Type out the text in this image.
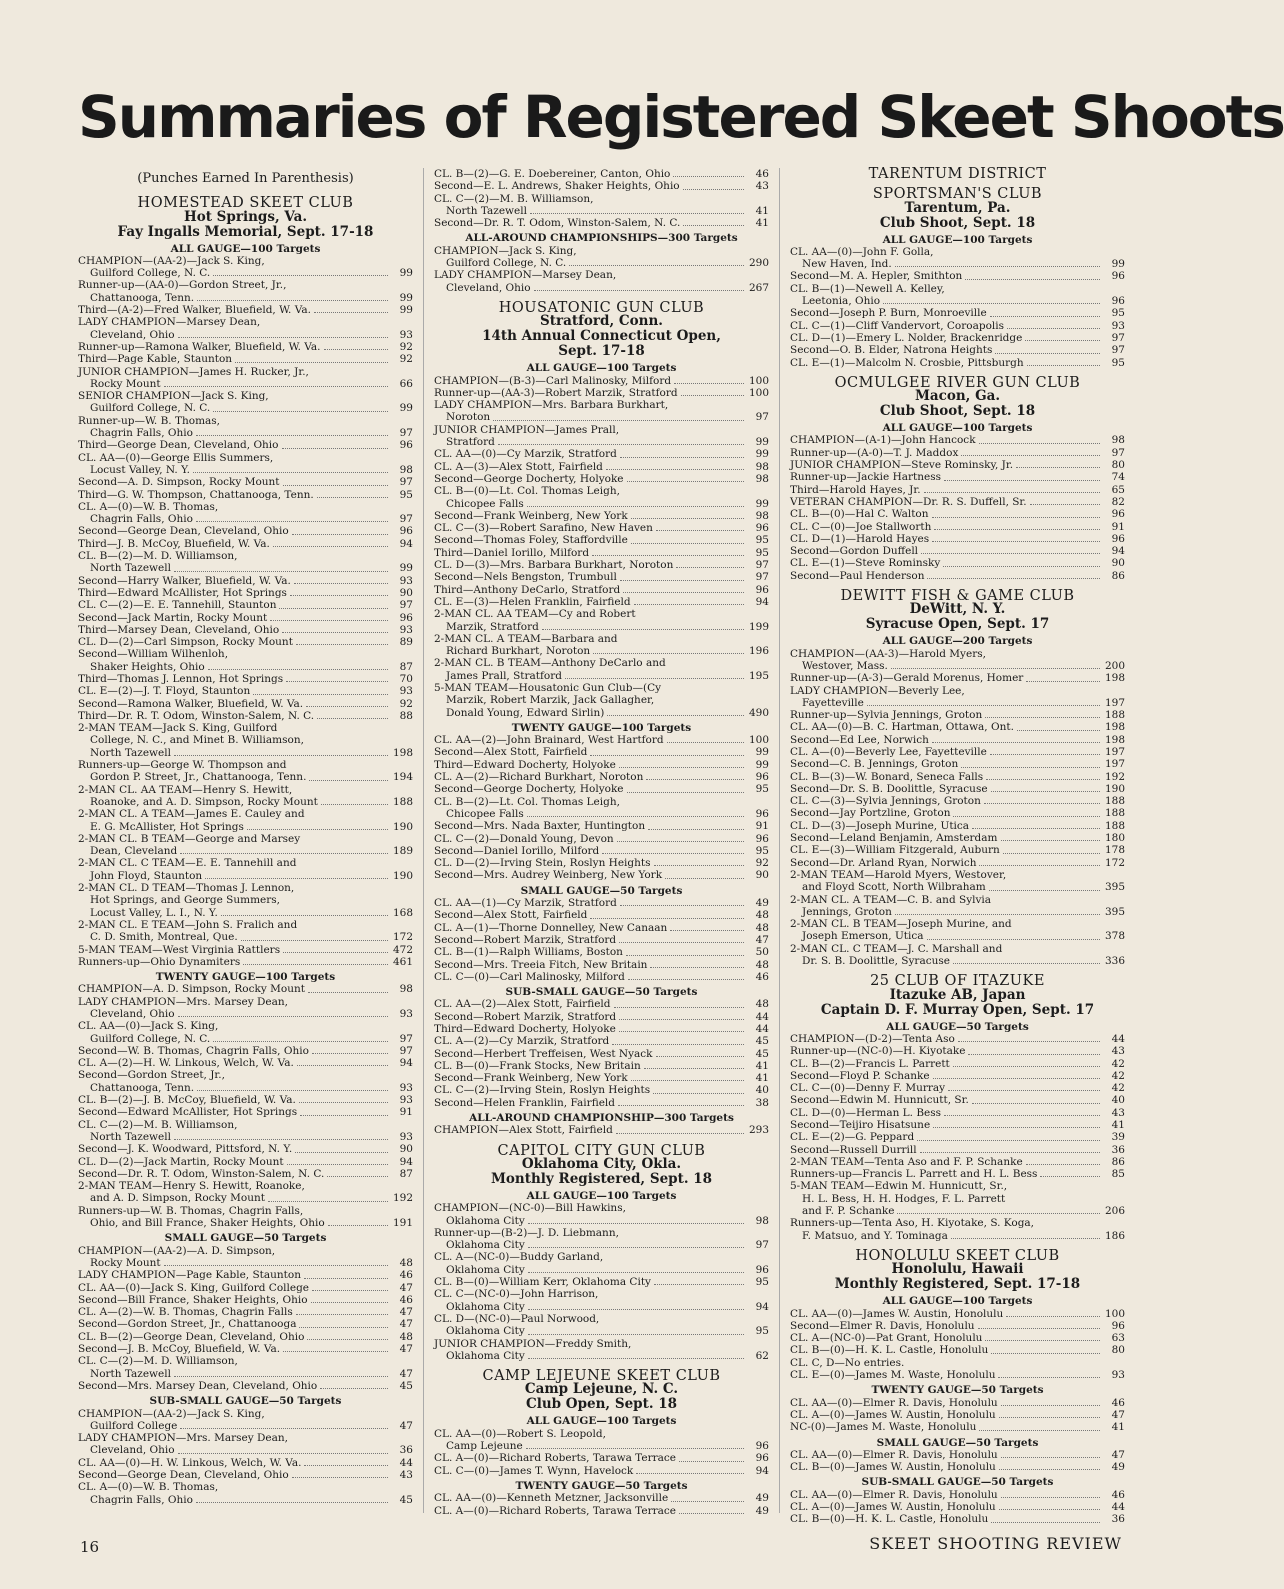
Summaries of Registered Skeet Shoots
(Punches Earned In Parenthesis)
HOMESTEAD SKEET CLUB
Hot Springs, Va.
Fay Ingalls Memorial, Sept. 17-18
ALL GAUGE—100 Targets
CHAMPION—(AA-2)—Jack S. King,
Guilford College, N. C.	99
Runner-up—(AA-0)—Gordon Street, Jr.,
Chattanooga, Tenn.	99
Third—(A-2)—Fred Walker, Bluefield, W. Va.	99
LADY CHAMPION—Marsey Dean,
Cleveland, Ohio	93
Runner-up—Ramona Walker, Bluefield, W. Va.	92
Third—Page Kable, Staunton	92
JUNIOR CHAMPION—James H. Rucker, Jr.,
Rocky Mount	66
SENIOR CHAMPION—Jack S. King,
Guilford College, N. C.	99
Runner-up—W. B. Thomas,
Chagrin Falls, Ohio	97
Third—George Dean, Cleveland, Ohio	96
CL. AA—(0)—George Ellis Summers,
Locust Valley, N. Y.	98
Second—A. D. Simpson, Rocky Mount	97
Third—G. W. Thompson, Chattanooga, Tenn.	95
CL. A—(0)—W. B. Thomas,
Chagrin Falls, Ohio	97
Second—George Dean, Cleveland, Ohio	96
Third—J. B. McCoy, Bluefield, W. Va.	94
CL. B—(2)—M. D. Williamson,
North Tazewell	99
Second—Harry Walker, Bluefield, W. Va.	93
Third—Edward McAllister, Hot Springs	90
CL. C—(2)—E. E. Tannehill, Staunton	97
Second—Jack Martin, Rocky Mount	96
Third—Marsey Dean, Cleveland, Ohio	93
CL. D—(2)—Carl Simpson, Rocky Mount	89
Second—William Wilhenloh,
Shaker Heights, Ohio	87
Third—Thomas J. Lennon, Hot Springs	70
CL. E—(2)—J. T. Floyd, Staunton	93
Second—Ramona Walker, Bluefield, W. Va.	92
Third—Dr. R. T. Odom, Winston-Salem, N. C.	88
2-MAN TEAM—Jack S. King, Guilford
College, N. C., and Minet B. Williamson,
North Tazewell	198
Runners-up—George W. Thompson and
Gordon P. Street, Jr., Chattanooga, Tenn.	194
2-MAN CL. AA TEAM—Henry S. Hewitt,
Roanoke, and A. D. Simpson, Rocky Mount	188
2-MAN CL. A TEAM—James E. Cauley and
E. G. McAllister, Hot Springs	190
2-MAN CL. B TEAM—George and Marsey
Dean, Cleveland	189
2-MAN CL. C TEAM—E. E. Tannehill and
John Floyd, Staunton	190
2-MAN CL. D TEAM—Thomas J. Lennon,
Hot Springs, and George Summers,
Locust Valley, L. I., N. Y.	168
2-MAN CL. E TEAM—John S. Fralich and
C. D. Smith, Montreal, Que.	172
5-MAN TEAM—West Virginia Rattlers	472
Runners-up—Ohio Dynamiters	461
TWENTY GAUGE—100 Targets
CHAMPION—A. D. Simpson, Rocky Mount	98
LADY CHAMPION—Mrs. Marsey Dean,
Cleveland, Ohio	93
CL. AA—(0)—Jack S. King,
Guilford College, N. C.	97
Second—W. B. Thomas, Chagrin Falls, Ohio	97
CL. A—(2)—H. W. Linkous, Welch, W. Va.	94
Second—Gordon Street, Jr.,
Chattanooga, Tenn.	93
CL. B—(2)—J. B. McCoy, Bluefield, W. Va.	93
Second—Edward McAllister, Hot Springs	91
CL. C—(2)—M. B. Williamson,
North Tazewell	93
Second—J. K. Woodward, Pittsford, N. Y.	90
CL. D—(2)—Jack Martin, Rocky Mount	94
Second—Dr. R. T. Odom, Winston-Salem, N. C.	87
2-MAN TEAM—Henry S. Hewitt, Roanoke,
and A. D. Simpson, Rocky Mount	192
Runners-up—W. B. Thomas, Chagrin Falls,
Ohio, and Bill France, Shaker Heights, Ohio	191
SMALL GAUGE—50 Targets
CHAMPION—(AA-2)—A. D. Simpson,
Rocky Mount	48
LADY CHAMPION—Page Kable, Staunton	46
CL. AA—(0)—Jack S. King, Guilford College	47
Second—Bill France, Shaker Heights, Ohio	46
CL. A—(2)—W. B. Thomas, Chagrin Falls	47
Second—Gordon Street, Jr., Chattanooga	47
CL. B—(2)—George Dean, Cleveland, Ohio	48
Second—J. B. McCoy, Bluefield, W. Va.	47
CL. C—(2)—M. D. Williamson,
North Tazewell	47
Second—Mrs. Marsey Dean, Cleveland, Ohio	45
SUB-SMALL GAUGE—50 Targets
CHAMPION—(AA-2)—Jack S. King,
Guilford College	47
LADY CHAMPION—Mrs. Marsey Dean,
Cleveland, Ohio	36
CL. AA—(0)—H. W. Linkous, Welch, W. Va.	44
Second—George Dean, Cleveland, Ohio	43
CL. A—(0)—W. B. Thomas,
Chagrin Falls, Ohio	45
CL. B—(2)—G. E. Doebereiner, Canton, Ohio	46
Second—E. L. Andrews, Shaker Heights, Ohio	43
CL. C—(2)—M. B. Williamson,
North Tazewell	41
Second—Dr. R. T. Odom, Winston-Salem, N. C.	41
ALL-AROUND CHAMPIONSHIPS—300 Targets
CHAMPION—Jack S. King,
Guilford College, N. C.	290
LADY CHAMPION—Marsey Dean,
Cleveland, Ohio	267
HOUSATONIC GUN CLUB
Stratford, Conn.
14th Annual Connecticut Open,
Sept. 17-18
ALL GAUGE—100 Targets
CHAMPION—(B-3)—Carl Malinosky, Milford	100
Runner-up—(AA-3)—Robert Marzik, Stratford	100
LADY CHAMPION—Mrs. Barbara Burkhart,
Noroton	97
JUNIOR CHAMPION—James Prall,
Stratford	99
CL. AA—(0)—Cy Marzik, Stratford	99
CL. A—(3)—Alex Stott, Fairfield	98
Second—George Docherty, Holyoke	98
CL. B—(0)—Lt. Col. Thomas Leigh,
Chicopee Falls	99
Second—Frank Weinberg, New York	98
CL. C—(3)—Robert Sarafino, New Haven	96
Second—Thomas Foley, Staffordville	95
Third—Daniel Iorillo, Milford	95
CL. D—(3)—Mrs. Barbara Burkhart, Noroton	97
Second—Nels Bengston, Trumbull	97
Third—Anthony DeCarlo, Stratford	96
CL. E—(3)—Helen Franklin, Fairfield	94
2-MAN CL. AA TEAM—Cy and Robert
Marzik, Stratford	199
2-MAN CL. A TEAM—Barbara and
Richard Burkhart, Noroton	196
2-MAN CL. B TEAM—Anthony DeCarlo and
James Prall, Stratford	195
5-MAN TEAM—Housatonic Gun Club—(Cy
Marzik, Robert Marzik, Jack Gallagher,
Donald Young, Edward Sirlin)	490
TWENTY GAUGE—100 Targets
CL. AA—(2)—John Brainard, West Hartford	100
Second—Alex Stott, Fairfield	99
Third—Edward Docherty, Holyoke	99
CL. A—(2)—Richard Burkhart, Noroton	96
Second—George Docherty, Holyoke	95
CL. B—(2)—Lt. Col. Thomas Leigh,
Chicopee Falls	96
Second—Mrs. Nada Baxter, Huntington	91
CL. C—(2)—Donald Young, Devon	96
Second—Daniel Iorillo, Milford	95
CL. D—(2)—Irving Stein, Roslyn Heights	92
Second—Mrs. Audrey Weinberg, New York	90
SMALL GAUGE—50 Targets
CL. AA—(1)—Cy Marzik, Stratford	49
Second—Alex Stott, Fairfield	48
CL. A—(1)—Thorne Donnelley, New Canaan	48
Second—Robert Marzik, Stratford	47
CL. B—(1)—Ralph Williams, Boston	50
Second—Mrs. Treeia Fitch, New Britain	48
CL. C—(0)—Carl Malinosky, Milford	46
SUB-SMALL GAUGE—50 Targets
CL. AA—(2)—Alex Stott, Fairfield	48
Second—Robert Marzik, Stratford	44
Third—Edward Docherty, Holyoke	44
CL. A—(2)—Cy Marzik, Stratford	45
Second—Herbert Treffeisen, West Nyack	45
CL. B—(0)—Frank Stocks, New Britain	41
Second—Frank Weinberg, New York	41
CL. C—(2)—Irving Stein, Roslyn Heights	40
Second—Helen Franklin, Fairfield	38
ALL-AROUND CHAMPIONSHIP—300 Targets
CHAMPION—Alex Stott, Fairfield	293
CAPITOL CITY GUN CLUB
Oklahoma City, Okla.
Monthly Registered, Sept. 18
ALL GAUGE—100 Targets
CHAMPION—(NC-0)—Bill Hawkins,
Oklahoma City	98
Runner-up—(B-2)—J. D. Liebmann,
Oklahoma City	97
CL. A—(NC-0)—Buddy Garland,
Oklahoma City	96
CL. B—(0)—William Kerr, Oklahoma City	95
CL. C—(NC-0)—John Harrison,
Oklahoma City	94
CL. D—(NC-0)—Paul Norwood,
Oklahoma City	95
JUNIOR CHAMPION—Freddy Smith,
Oklahoma City	62
CAMP LEJEUNE SKEET CLUB
Camp Lejeune, N. C.
Club Open, Sept. 18
ALL GAUGE—100 Targets
CL. AA—(0)—Robert S. Leopold,
Camp Lejeune	96
CL. A—(0)—Richard Roberts, Tarawa Terrace	96
CL. C—(0)—James T. Wynn, Havelock	94
TWENTY GAUGE—50 Targets
CL. AA—(0)—Kenneth Metzner, Jacksonville	49
CL. A—(0)—Richard Roberts, Tarawa Terrace	49
TARENTUM DISTRICT
SPORTSMAN'S CLUB
Tarentum, Pa.
Club Shoot, Sept. 18
ALL GAUGE—100 Targets
CL. AA—(0)—John F. Golla,
New Haven, Ind.	99
Second—M. A. Hepler, Smithton	96
CL. B—(1)—Newell A. Kelley,
Leetonia, Ohio	96
Second—Joseph P. Burn, Monroeville	95
CL. C—(1)—Cliff Vandervort, Coroapolis	93
CL. D—(1)—Emery L. Nolder, Brackenridge	97
Second—O. B. Elder, Natrona Heights	97
CL. E—(1)—Malcolm N. Crosbie, Pittsburgh	95
OCMULGEE RIVER GUN CLUB
Macon, Ga.
Club Shoot, Sept. 18
ALL GAUGE—100 Targets
CHAMPION—(A-1)—John Hancock	98
Runner-up—(A-0)—T. J. Maddox	97
JUNIOR CHAMPION—Steve Rominsky, Jr.	80
Runner-up—Jackie Hartness	74
Third—Harold Hayes, Jr.	65
VETERAN CHAMPION—Dr. R. S. Duffell, Sr.	82
CL. B—(0)—Hal C. Walton	96
CL. C—(0)—Joe Stallworth	91
CL. D—(1)—Harold Hayes	96
Second—Gordon Duffell	94
CL. E—(1)—Steve Rominsky	90
Second—Paul Henderson	86
DEWITT FISH & GAME CLUB
DeWitt, N. Y.
Syracuse Open, Sept. 17
ALL GAUGE—200 Targets
CHAMPION—(AA-3)—Harold Myers,
Westover, Mass.	200
Runner-up—(A-3)—Gerald Morenus, Homer	198
LADY CHAMPION—Beverly Lee,
Fayetteville	197
Runner-up—Sylvia Jennings, Groton	188
CL. AA—(0)—B. C. Hartman, Ottawa, Ont.	198
Second—Ed Lee, Norwich	198
CL. A—(0)—Beverly Lee, Fayetteville	197
Second—C. B. Jennings, Groton	197
CL. B—(3)—W. Bonard, Seneca Falls	192
Second—Dr. S. B. Doolittle, Syracuse	190
CL. C—(3)—Sylvia Jennings, Groton	188
Second—Jay Portzline, Groton	188
CL. D—(3)—Joseph Murine, Utica	188
Second—Leland Benjamin, Amsterdam	180
CL. E—(3)—William Fitzgerald, Auburn	178
Second—Dr. Arland Ryan, Norwich	172
2-MAN TEAM—Harold Myers, Westover,
and Floyd Scott, North Wilbraham	395
2-MAN CL. A TEAM—C. B. and Sylvia
Jennings, Groton	395
2-MAN CL. B TEAM—Joseph Murine, and
Joseph Emerson, Utica	378
2-MAN CL. C TEAM—J. C. Marshall and
Dr. S. B. Doolittle, Syracuse	336
25 CLUB OF ITAZUKE
Itazuke AB, Japan
Captain D. F. Murray Open, Sept. 17
ALL GAUGE—50 Targets
CHAMPION—(D-2)—Tenta Aso	44
Runner-up—(NC-0)—H. Kiyotake	43
CL. B—(2)—Francis L. Parrett	42
Second—Floyd P. Schanke	42
CL. C—(0)—Denny F. Murray	42
Second—Edwin M. Hunnicutt, Sr.	40
CL. D—(0)—Herman L. Bess	43
Second—Teijiro Hisatsune	41
CL. E—(2)—G. Peppard	39
Second—Russell Durrill	36
2-MAN TEAM—Tenta Aso and F. P. Schanke	86
Runners-up—Francis L. Parrett and H. L. Bess	85
5-MAN TEAM—Edwin M. Hunnicutt, Sr.,
H. L. Bess, H. H. Hodges, F. L. Parrett
and F. P. Schanke	206
Runners-up—Tenta Aso, H. Kiyotake, S. Koga,
F. Matsuo, and Y. Tominaga	186
HONOLULU SKEET CLUB
Honolulu, Hawaii
Monthly Registered, Sept. 17-18
ALL GAUGE—100 Targets
CL. AA—(0)—James W. Austin, Honolulu	100
Second—Elmer R. Davis, Honolulu	96
CL. A—(NC-0)—Pat Grant, Honolulu	63
CL. B—(0)—H. K. L. Castle, Honolulu	80
CL. C, D—No entries.
CL. E—(0)—James M. Waste, Honolulu	93
TWENTY GAUGE—50 Targets
CL. AA—(0)—Elmer R. Davis, Honolulu	46
CL. A—(0)—James W. Austin, Honolulu	47
NC-(0)—James M. Waste, Honolulu	41
SMALL GAUGE—50 Targets
CL. AA—(0)—Elmer R. Davis, Honolulu	47
CL. B—(0)—James W. Austin, Honolulu	49
SUB-SMALL GAUGE—50 Targets
CL. AA—(0)—Elmer R. Davis, Honolulu	46
CL. A—(0)—James W. Austin, Honolulu	44
CL. B—(0)—H. K. L. Castle, Honolulu	36
16	SKEET SHOOTING REVIEW
